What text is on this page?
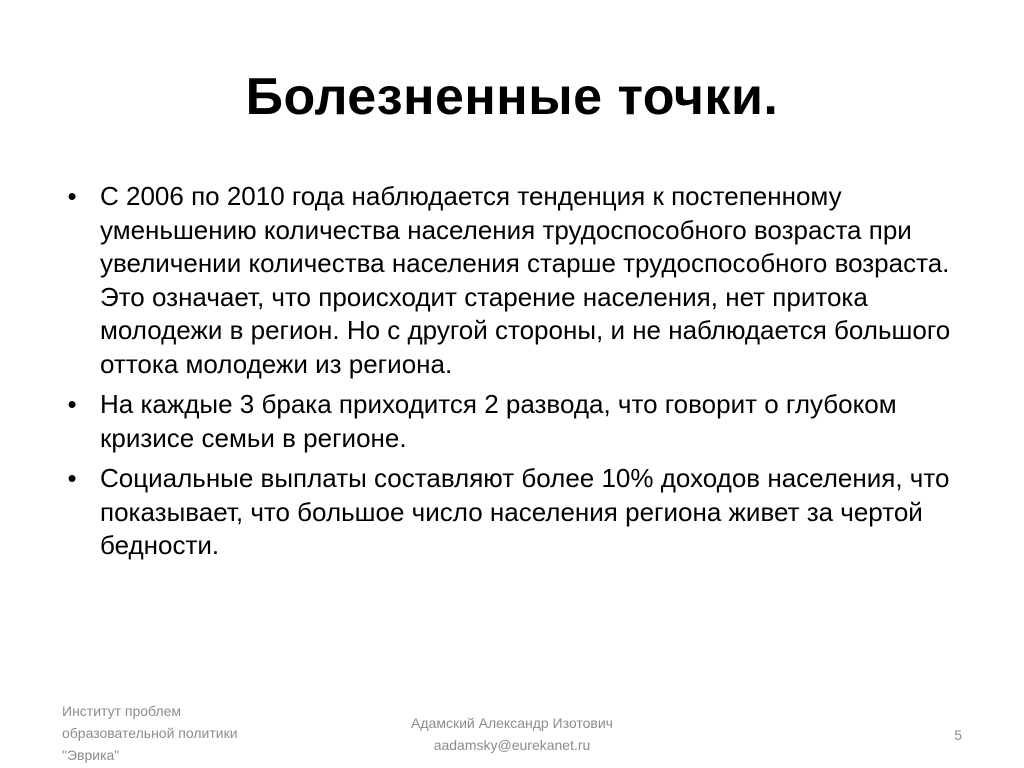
Болезненные точки.
• С 2006 по 2010 года наблюдается тенденция к постепенному уменьшению количества населения трудоспособного возраста при увеличении количества населения старше трудоспособного возраста. Это означает, что происходит старение населения, нет притока молодежи в регион. Но с другой стороны, и не наблюдается большого оттока молодежи из региона.
• На каждые 3 брака приходится 2 развода, что говорит о глубоком кризисе семьи в регионе.
• Социальные выплаты составляют более 10% доходов населения, что показывает, что большое число населения региона живет за чертой бедности.
Институт проблем
образовательной политики
"Эврика"
Адамский Александр Изотович
aadamsky@eurekanet.ru
5
